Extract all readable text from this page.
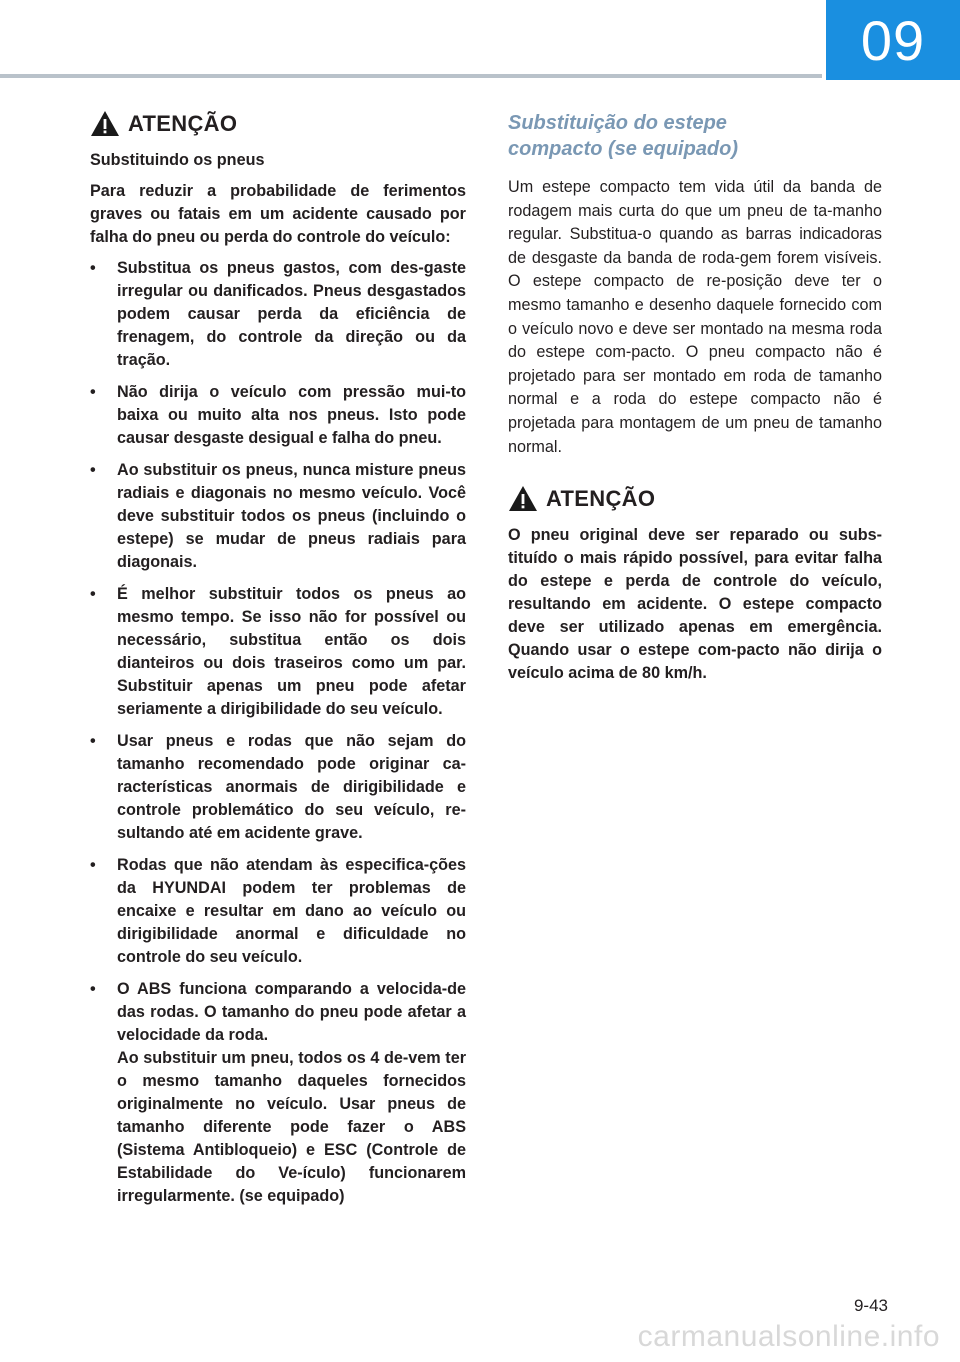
09
ATENÇÃO

Substituindo os pneus

Para reduzir a probabilidade de ferimentos graves ou fatais em um acidente causado por falha do pneu ou perda do controle do veículo:

• Substitua os pneus gastos, com des-gaste irregular ou danificados. Pneus desgastados podem causar perda da eficiência de frenagem, do controle da direção ou da tração.
• Não dirija o veículo com pressão mui-to baixa ou muito alta nos pneus. Isto pode causar desgaste desigual e falha do pneu.
• Ao substituir os pneus, nunca misture pneus radiais e diagonais no mesmo veículo. Você deve substituir todos os pneus (incluindo o estepe) se mudar de pneus radiais para diagonais.
• É melhor substituir todos os pneus ao mesmo tempo. Se isso não for possível ou necessário, substitua então os dois dianteiros ou dois traseiros como um par. Substituir apenas um pneu pode afetar seriamente a dirigibilidade do seu veículo.
• Usar pneus e rodas que não sejam do tamanho recomendado pode originar ca-racterísticas anormais de dirigibilidade e controle problemático do seu veículo, re-sultando até em acidente grave.
• Rodas que não atendam às especifica-ções da HYUNDAI podem ter problemas de encaixe e resultar em dano ao veículo ou dirigibilidade anormal e dificuldade no controle do seu veículo.
• O ABS funciona comparando a velocida-de das rodas. O tamanho do pneu pode afetar a velocidade da roda.
Ao substituir um pneu, todos os 4 de-vem ter o mesmo tamanho daqueles fornecidos originalmente no veículo. Usar pneus de tamanho diferente pode fazer o ABS (Sistema Antibloqueio) e ESC (Controle de Estabilidade do Ve-ículo) funcionarem irregularmente. (se equipado)
Substituição do estepe
compacto (se equipado)

Um estepe compacto tem vida útil da banda de rodagem mais curta do que um pneu de ta-manho regular. Substitua-o quando as barras indicadoras de desgaste da banda de roda-gem forem visíveis. O estepe compacto de re-posição deve ter o mesmo tamanho e desenho daquele fornecido com o veículo novo e deve ser montado na mesma roda do estepe com-pacto. O pneu compacto não é projetado para ser montado em roda de tamanho normal e a roda do estepe compacto não é projetada para montagem de um pneu de tamanho normal.

ATENÇÃO

O pneu original deve ser reparado ou subs-tituído o mais rápido possível, para evitar falha do estepe e perda de controle do veículo, resultando em acidente. O estepe compacto deve ser utilizado apenas em emergência. Quando usar o estepe com-pacto não dirija o veículo acima de 80 km/h.

9-43
carmanualsonline.info
